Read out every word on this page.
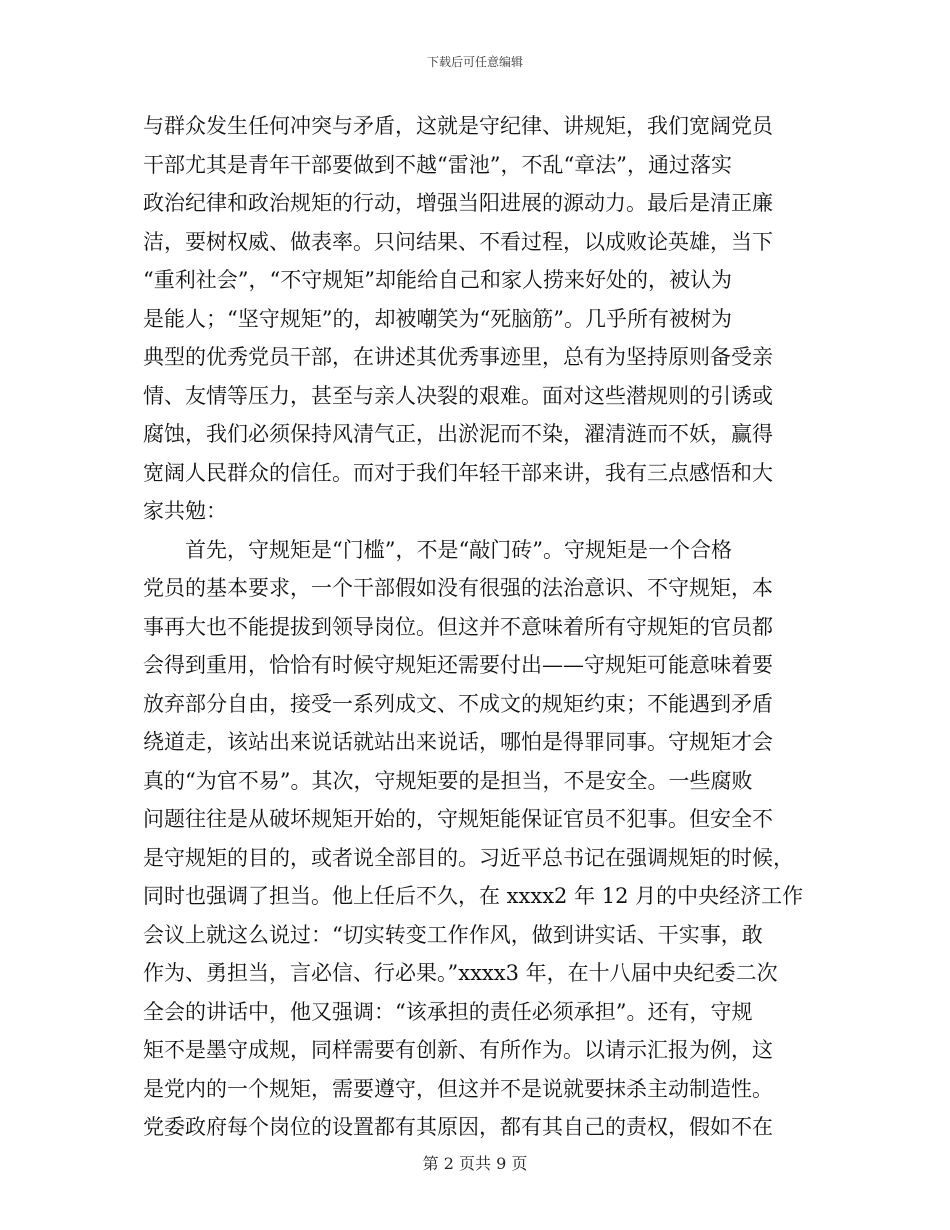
下载后可任意编辑
与群众发生任何冲突与矛盾，这就是守纪律、讲规矩，我们宽阔党员
干部尤其是青年干部要做到不越“雷池”，不乱“章法”，通过落实
政治纪律和政治规矩的行动，增强当阳进展的源动力。最后是清正廉
洁，要树权威、做表率。只问结果、不看过程，以成败论英雄，当下
“重利社会”，“不守规矩”却能给自己和家人捞来好处的，被认为
是能人；“坚守规矩”的，却被嘲笑为“死脑筋”。几乎所有被树为
典型的优秀党员干部，在讲述其优秀事迹里，总有为坚持原则备受亲
情、友情等压力，甚至与亲人决裂的艰难。面对这些潜规则的引诱或
腐蚀，我们必须保持风清气正，出淤泥而不染，濯清涟而不妖，赢得
宽阔人民群众的信任。而对于我们年轻干部来讲，我有三点感悟和大
家共勉：
　　首先，守规矩是“门槛”，不是“敲门砖”。守规矩是一个合格
党员的基本要求，一个干部假如没有很强的法治意识、不守规矩，本
事再大也不能提拔到领导岗位。但这并不意味着所有守规矩的官员都
会得到重用，恰恰有时候守规矩还需要付出——守规矩可能意味着要
放弃部分自由，接受一系列成文、不成文的规矩约束；不能遇到矛盾
绕道走，该站出来说话就站出来说话，哪怕是得罪同事。守规矩才会
真的“为官不易”。其次，守规矩要的是担当，不是安全。一些腐败
问题往往是从破坏规矩开始的，守规矩能保证官员不犯事。但安全不
是守规矩的目的，或者说全部目的。习近平总书记在强调规矩的时候，
同时也强调了担当。他上任后不久，在 xxxx2 年 12 月的中央经济工作
会议上就这么说过：“切实转变工作作风，做到讲实话、干实事，敢
作为、勇担当，言必信、行必果。”xxxx3 年，在十八届中央纪委二次
全会的讲话中，他又强调：“该承担的责任必须承担”。还有，守规
矩不是墨守成规，同样需要有创新、有所作为。以请示汇报为例，这
是党内的一个规矩，需要遵守，但这并不是说就要抹杀主动制造性。
党委政府每个岗位的设置都有其原因，都有其自己的责权，假如不在
第 2 页共 9 页
